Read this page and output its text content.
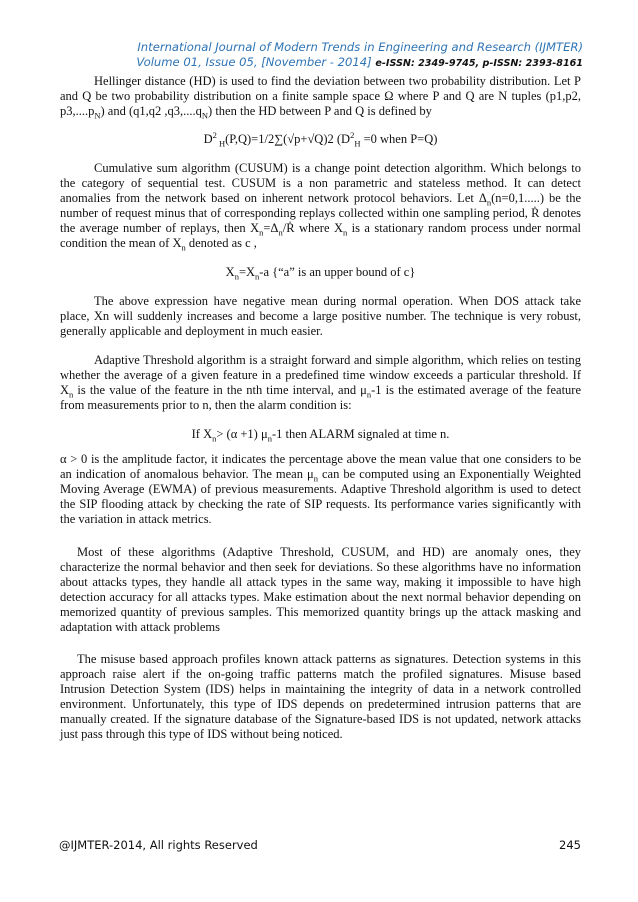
International Journal of Modern Trends in Engineering and Research (IJMTER)
Volume 01, Issue 05, [November - 2014] e-ISSN: 2349-9745, p-ISSN: 2393-8161

Hellinger distance (HD) is used to find the deviation between two probability distribution. Let P and Q be two probability distribution on a finite sample space Ω where P and Q are N tuples (p1,p2, $p3,....p_N$) and (q1,q2 $,q3,....q_N$) then the HD between P and Q is defined by

$D^2$ $_H$(P,Q)=1/2∑(√p+√Q)2 ($D^2_H =0$ when P=Q)

Cumulative sum algorithm (CUSUM) is a change point detection algorithm. Which belongs to the category of sequential test. CUSUM is a non parametric and stateless method. It can detect anomalies from the network based on inherent network protocol behaviors. Let $\Delta_n(n=0,1.....)$ be the number of request minus that of corresponding replays collected within one sampling period, Ṙ denotes the average number of replays, then $X_n=\Delta_n/Ṙ$ where $X_n$ is a stationary random process under normal condition the mean of $X_n$ denoted as c ,

$X_n=X_n-a$ {“a” is an upper bound of c}

The above expression have negative mean during normal operation. When DOS attack take place, Xn will suddenly increases and become a large positive number. The technique is very robust, generally applicable and deployment in much easier.

Adaptive Threshold algorithm is a straight forward and simple algorithm, which relies on testing whether the average of a given feature in a predefined time window exceeds a particular threshold. If $X_n$ is the value of the feature in the nth time interval, and $\mu_n-1$ is the estimated average of the feature from measurements prior to n, then the alarm condition is:

If $X_n> (\alpha +1)$ $\mu_n-1$ then ALARM signaled at time n.

α > 0 is the amplitude factor, it indicates the percentage above the mean value that one considers to be an indication of anomalous behavior. The mean $\mu_n$ can be computed using an Exponentially Weighted Moving Average (EWMA) of previous measurements. Adaptive Threshold algorithm is used to detect the SIP flooding attack by checking the rate of SIP requests. Its performance varies significantly with the variation in attack metrics.

Most of these algorithms (Adaptive Threshold, CUSUM, and HD) are anomaly ones, they characterize the normal behavior and then seek for deviations. So these algorithms have no information about attacks types, they handle all attack types in the same way, making it impossible to have high detection accuracy for all attacks types. Make estimation about the next normal behavior depending on memorized quantity of previous samples. This memorized quantity brings up the attack masking and adaptation with attack problems

The misuse based approach profiles known attack patterns as signatures. Detection systems in this approach raise alert if the on-going traffic patterns match the profiled signatures. Misuse based Intrusion Detection System (IDS) helps in maintaining the integrity of data in a network controlled environment. Unfortunately, this type of IDS depends on predetermined intrusion patterns that are manually created. If the signature database of the Signature-based IDS is not updated, network attacks just pass through this type of IDS without being noticed.

@IJMTER-2014, All rights Reserved	245
